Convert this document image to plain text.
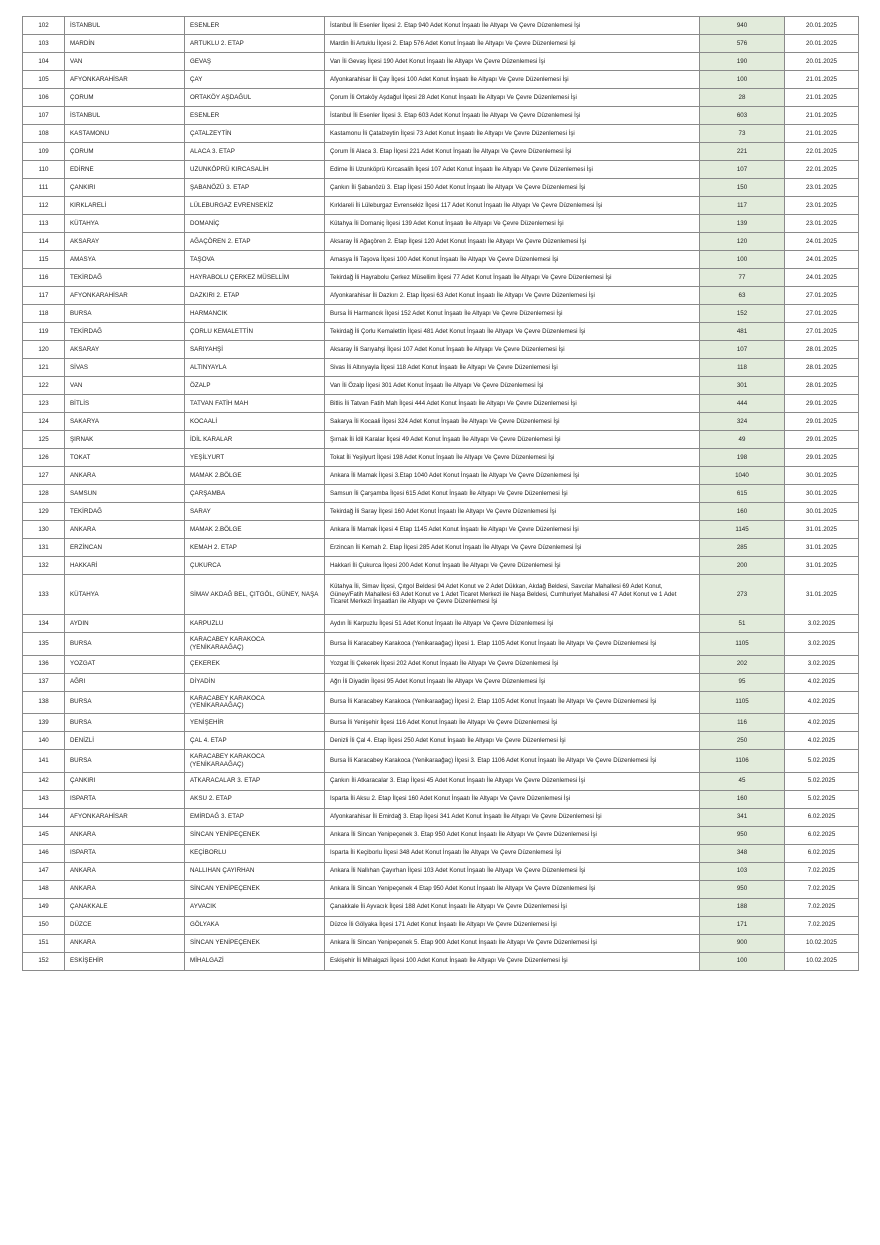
102	İSTANBUL	ESENLER	İstanbul İli Esenler İlçesi 2. Etap 940 Adet Konut İnşaatı İle Altyapı Ve Çevre Düzenlemesi İşi	940	20.01.2025
103	MARDİN	ARTUKLU 2. ETAP	Mardin İli Artuklu İlçesi 2. Etap 576 Adet Konut İnşaatı İle Altyapı Ve Çevre Düzenlemesi İşi	576	20.01.2025
104	VAN	GEVAŞ	Van İli Gevaş İlçesi 190 Adet Konut İnşaatı İle Altyapı Ve Çevre Düzenlemesi İşi	190	20.01.2025
105	AFYONKARAHİSAR	ÇAY	Afyonkarahisar İli Çay İlçesi 100 Adet Konut İnşaatı İle Altyapı Ve Çevre Düzenlemesi İşi	100	21.01.2025
106	ÇORUM	ORTAKÖY AŞDAĞUL	Çorum İli Ortaköy Aşdağul İlçesi 28 Adet Konut İnşaatı İle Altyapı Ve Çevre Düzenlemesi İşi	28	21.01.2025
107	İSTANBUL	ESENLER	İstanbul İli Esenler İlçesi 3. Etap 603 Adet Konut İnşaatı İle Altyapı Ve Çevre Düzenlemesi İşi	603	21.01.2025
108	KASTAMONU	ÇATALZEYTİN	Kastamonu İli Çatalzeytin İlçesi 73 Adet Konut İnşaatı İle Altyapı Ve Çevre Düzenlemesi İşi	73	21.01.2025
109	ÇORUM	ALACA 3. ETAP	Çorum İli Alaca 3. Etap İlçesi 221 Adet Konut İnşaatı İle Altyapı Ve Çevre Düzenlemesi İşi	221	22.01.2025
110	EDİRNE	UZUNKÖPRÜ KIRCASALİH	Edirne İli Uzunköprü Kırcasalih İlçesi 107 Adet Konut İnşaatı İle Altyapı Ve Çevre Düzenlemesi İşi	107	22.01.2025
111	ÇANKIRI	ŞABANÖZÜ 3. ETAP	Çankırı İli Şabanözü 3. Etap İlçesi 150 Adet Konut İnşaatı İle Altyapı Ve Çevre Düzenlemesi İşi	150	23.01.2025
112	KIRKLARELİ	LÜLEBURGAZ EVRENSEKİZ	Kırklareli İli Lüleburgaz Evrensekiz İlçesi 117 Adet Konut İnşaatı İle Altyapı Ve Çevre Düzenlemesi İşi	117	23.01.2025
113	KÜTAHYA	DOMANİÇ	Kütahya İli Domaniç İlçesi 139 Adet Konut İnşaatı İle Altyapı Ve Çevre Düzenlemesi İşi	139	23.01.2025
114	AKSARAY	AĞAÇÖREN 2. ETAP	Aksaray İli Ağaçören 2. Etap İlçesi 120 Adet Konut İnşaatı İle Altyapı Ve Çevre Düzenlemesi İşi	120	24.01.2025
115	AMASYA	TAŞOVA	Amasya İli Taşova İlçesi 100 Adet Konut İnşaatı İle Altyapı Ve Çevre Düzenlemesi İşi	100	24.01.2025
116	TEKİRDAĞ	HAYRABOLU ÇERKEZ MÜSELLİM	Tekirdağ İli Hayrabolu Çerkez Müsellim İlçesi 77 Adet Konut İnşaatı İle Altyapı Ve Çevre Düzenlemesi İşi	77	24.01.2025
117	AFYONKARAHİSAR	DAZKIRI 2. ETAP	Afyonkarahisar İli Dazkırı 2. Etap İlçesi 63 Adet Konut İnşaatı İle Altyapı Ve Çevre Düzenlemesi İşi	63	27.01.2025
118	BURSA	HARMANCIK	Bursa İli Harmancık İlçesi 152 Adet Konut İnşaatı İle Altyapı Ve Çevre Düzenlemesi İşi	152	27.01.2025
119	TEKİRDAĞ	ÇORLU KEMALETTİN	Tekirdağ İli Çorlu Kemalettin İlçesi 481 Adet Konut İnşaatı İle Altyapı Ve Çevre Düzenlemesi İşi	481	27.01.2025
120	AKSARAY	SARIYAHŞİ	Aksaray İli Sarıyahşi İlçesi 107 Adet Konut İnşaatı İle Altyapı Ve Çevre Düzenlemesi İşi	107	28.01.2025
121	SİVAS	ALTINYAYLA	Sivas İli Altınyayla İlçesi 118 Adet Konut İnşaatı İle Altyapı Ve Çevre Düzenlemesi İşi	118	28.01.2025
122	VAN	ÖZALP	Van İli Özalp İlçesi 301 Adet Konut İnşaatı İle Altyapı Ve Çevre Düzenlemesi İşi	301	28.01.2025
123	BİTLİS	TATVAN FATİH MAH	Bitlis İli Tatvan Fatih Mah İlçesi 444 Adet Konut İnşaatı İle Altyapı Ve Çevre Düzenlemesi İşi	444	29.01.2025
124	SAKARYA	KOCAALİ	Sakarya İli Kocaali İlçesi 324 Adet Konut İnşaatı İle Altyapı Ve Çevre Düzenlemesi İşi	324	29.01.2025
125	ŞIRNAK	İDİL KARALAR	Şırnak İli İdil Karalar İlçesi 49 Adet Konut İnşaatı İle Altyapı Ve Çevre Düzenlemesi İşi	49	29.01.2025
126	TOKAT	YEŞİLYURT	Tokat İli Yeşilyurt İlçesi 198 Adet Konut İnşaatı İle Altyapı Ve Çevre Düzenlemesi İşi	198	29.01.2025
127	ANKARA	MAMAK 2.BÖLGE	Ankara İli Mamak İlçesi 3.Etap 1040 Adet Konut İnşaatı İle Altyapı Ve Çevre Düzenlemesi İşi	1040	30.01.2025
128	SAMSUN	ÇARŞAMBA	Samsun İli Çarşamba İlçesi 615 Adet Konut İnşaatı İle Altyapı Ve Çevre Düzenlemesi İşi	615	30.01.2025
129	TEKİRDAĞ	SARAY	Tekirdağ İli Saray İlçesi 160 Adet Konut İnşaatı İle Altyapı Ve Çevre Düzenlemesi İşi	160	30.01.2025
130	ANKARA	MAMAK 2.BÖLGE	Ankara İli Mamak İlçesi 4 Etap 1145 Adet Konut İnşaatı İle Altyapı Ve Çevre Düzenlemesi İşi	1145	31.01.2025
131	ERZİNCAN	KEMAH 2. ETAP	Erzincan İli Kemah 2. Etap İlçesi 285 Adet Konut İnşaatı İle Altyapı Ve Çevre Düzenlemesi İşi	285	31.01.2025
132	HAKKARİ	ÇUKURCA	Hakkari İli Çukurca İlçesi 200 Adet Konut İnşaatı İle Altyapı Ve Çevre Düzenlemesi İşi	200	31.01.2025
133	KÜTAHYA	SİMAV AKDAĞ BEL, ÇITGÖL, GÜNEY, NAŞA	Kütahya İli, Simav İlçesi, Çıtgol Beldesi 94 Adet Konut ve 2 Adet Dükkan, Akdağ Beldesi, Savcılar Mahallesi 69 Adet Konut, Güney/Fatih Mahallesi 63 Adet Konut ve 1 Adet Ticaret Merkezi ile Naşa Beldesi, Cumhuriyet Mahallesi 47 Adet Konut ve 1 Adet Ticaret Merkezi İnşaatları ile Altyapı ve Çevre Düzenlemesi İşi	273	31.01.2025
134	AYDIN	KARPUZLU	Aydın İli Karpuzlu İlçesi 51 Adet Konut İnşaatı İle Altyapı Ve Çevre Düzenlemesi İşi	51	3.02.2025
135	BURSA	KARACABEY KARAKOCA (YENİKARAAĞAÇ)	Bursa İli Karacabey Karakoca (Yenikaraağaç) İlçesi 1. Etap 1105 Adet Konut İnşaatı İle Altyapı Ve Çevre Düzenlemesi İşi	1105	3.02.2025
136	YOZGAT	ÇEKEREK	Yozgat İli Çekerek İlçesi 202 Adet Konut İnşaatı İle Altyapı Ve Çevre Düzenlemesi İşi	202	3.02.2025
137	AĞRI	DİYADİN	Ağrı İli Diyadin İlçesi 95 Adet Konut İnşaatı İle Altyapı Ve Çevre Düzenlemesi İşi	95	4.02.2025
138	BURSA	KARACABEY KARAKOCA (YENİKARAAĞAÇ)	Bursa İli Karacabey Karakoca (Yenikaraağaç) İlçesi 2. Etap 1105 Adet Konut İnşaatı İle Altyapı Ve Çevre Düzenlemesi İşi	1105	4.02.2025
139	BURSA	YENİŞEHİR	Bursa İli Yenişehir İlçesi 116 Adet Konut İnşaatı İle Altyapı Ve Çevre Düzenlemesi İşi	116	4.02.2025
140	DENİZLİ	ÇAL 4. ETAP	Denizli İli Çal 4. Etap İlçesi 250 Adet Konut İnşaatı İle Altyapı Ve Çevre Düzenlemesi İşi	250	4.02.2025
141	BURSA	KARACABEY KARAKOCA (YENİKARAAĞAÇ)	Bursa İli Karacabey Karakoca (Yenikaraağaç) İlçesi 3. Etap 1106 Adet Konut İnşaatı İle Altyapı Ve Çevre Düzenlemesi İşi	1106	5.02.2025
142	ÇANKIRI	ATKARACALAR 3. ETAP	Çankırı İli Atkaracalar 3. Etap İlçesi 45 Adet Konut İnşaatı İle Altyapı Ve Çevre Düzenlemesi İşi	45	5.02.2025
143	ISPARTA	AKSU 2. ETAP	Isparta İli Aksu 2. Etap İlçesi 160 Adet Konut İnşaatı İle Altyapı Ve Çevre Düzenlemesi İşi	160	5.02.2025
144	AFYONKARAHİSAR	EMİRDAĞ 3. ETAP	Afyonkarahisar İli Emirdağ 3. Etap İlçesi 341 Adet Konut İnşaatı İle Altyapı Ve Çevre Düzenlemesi İşi	341	6.02.2025
145	ANKARA	SİNCAN YENİPEÇENEK	Ankara İli Sincan Yenipeçenek 3. Etap 950 Adet Konut İnşaatı İle Altyapı Ve Çevre Düzenlemesi İşi	950	6.02.2025
146	ISPARTA	KEÇİBORLU	Isparta İli Keçiborlu İlçesi 348 Adet Konut İnşaatı İle Altyapı Ve Çevre Düzenlemesi İşi	348	6.02.2025
147	ANKARA	NALLIHAN ÇAYIRHAN	Ankara İli Nallıhan Çayırhan İlçesi 103 Adet Konut İnşaatı İle Altyapı Ve Çevre Düzenlemesi İşi	103	7.02.2025
148	ANKARA	SİNCAN YENİPEÇENEK	Ankara İli Sincan Yenipeçenek 4 Etap 950 Adet Konut İnşaatı İle Altyapı Ve Çevre Düzenlemesi İşi	950	7.02.2025
149	ÇANAKKALE	AYVACIK	Çanakkale İli Ayvacık İlçesi 188 Adet Konut İnşaatı İle Altyapı Ve Çevre Düzenlemesi İşi	188	7.02.2025
150	DÜZCE	GÖLYAKA	Düzce İli Gölyaka İlçesi 171 Adet Konut İnşaatı İle Altyapı Ve Çevre Düzenlemesi İşi	171	7.02.2025
151	ANKARA	SİNCAN YENİPEÇENEK	Ankara İli Sincan Yenipeçenek 5. Etap 900 Adet Konut İnşaatı İle Altyapı Ve Çevre Düzenlemesi İşi	900	10.02.2025
152	ESKİŞEHİR	MİHALGAZİ	Eskişehir İli Mihalgazi İlçesi 100 Adet Konut İnşaatı İle Altyapı Ve Çevre Düzenlemesi İşi	100	10.02.2025
